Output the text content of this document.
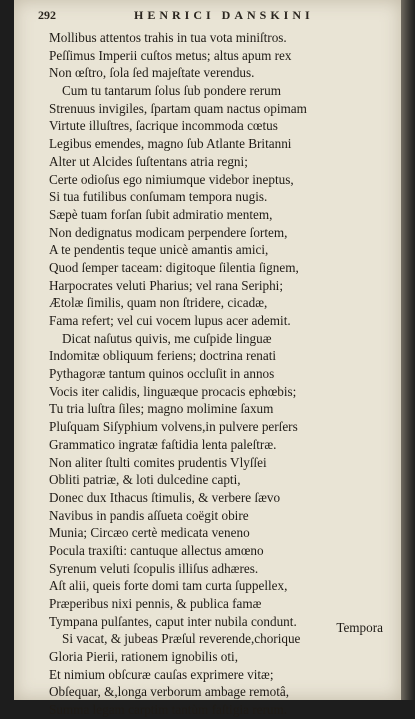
292	HENRICI DANSKINI
Mollibus attentos trahis in tua vota miniſtros.
Peſſimus Imperii cuſtos metus; altus apum rex
Non œſtro, ſola ſed majeſtate verendus.
Cum tu tantarum ſolus ſub pondere rerum
Strenuus invigiles, ſpartam quam nactus opimam
Virtute illuſtres, ſacrique incommoda cœtus
Legibus emendes, magno ſub Atlante Britanni
Alter ut Alcides ſuſtentans atria regni;
Certe odioſus ego nimiumque videbor ineptus,
Si tua futilibus conſumam tempora nugis.
Sæpè tuam forſan ſubit admiratio mentem,
Non dedignatus modicam perpendere ſortem,
A te pendentis teque unicè amantis amici,
Quod ſemper taceam: digitoque ſilentia ſignem,
Harpocrates veluti Pharius; vel rana Seriphi;
Ætolæ ſimilis, quam non ſtridere, cicadæ,
Fama refert; vel cui vocem lupus acer ademit.
Dicat naſutus quivis, me cuſpide linguæ
Indomitæ obliquum feriens; doctrina renati
Pythagoræ tantum quinos occluſit in annos
Vocis iter calidis, linguæque procacis ephœbis;
Tu tria luſtra ſiles; magno molimine ſaxum
Pluſquam Siſyphium volvens,in pulvere perſers
Grammatico ingratæ faſtidia lenta paleſtræ.
Non aliter ſtulti comites prudentis Vlyſſei
Obliti patriæ, & loti dulcedine capti,
Donec dux Ithacus ſtimulis, & verbere ſævo
Navibus in pandis aſſueta coëgit obire
Munia; Circæo certè medicata veneno
Pocula traxiſti: cantuque allectus amœno
Syrenum veluti ſcopulis illiſus adhæres.
Aſt alii, queis forte domi tam curta ſuppellex,
Præperibus nixi pennis, & publica famæ
Tympana pulſantes, caput inter nubila condunt.
Si vacat, & jubeas Præſul reverende,chorique
Gloria Pierii, rationem ignobilis oti,
Et nimium obſcuræ cauſas exprimere vitæ;
Obſequar, &,longa verborum ambage remotâ,
Summa legam carptim tantùm faſtigia rerum.
Tempora
